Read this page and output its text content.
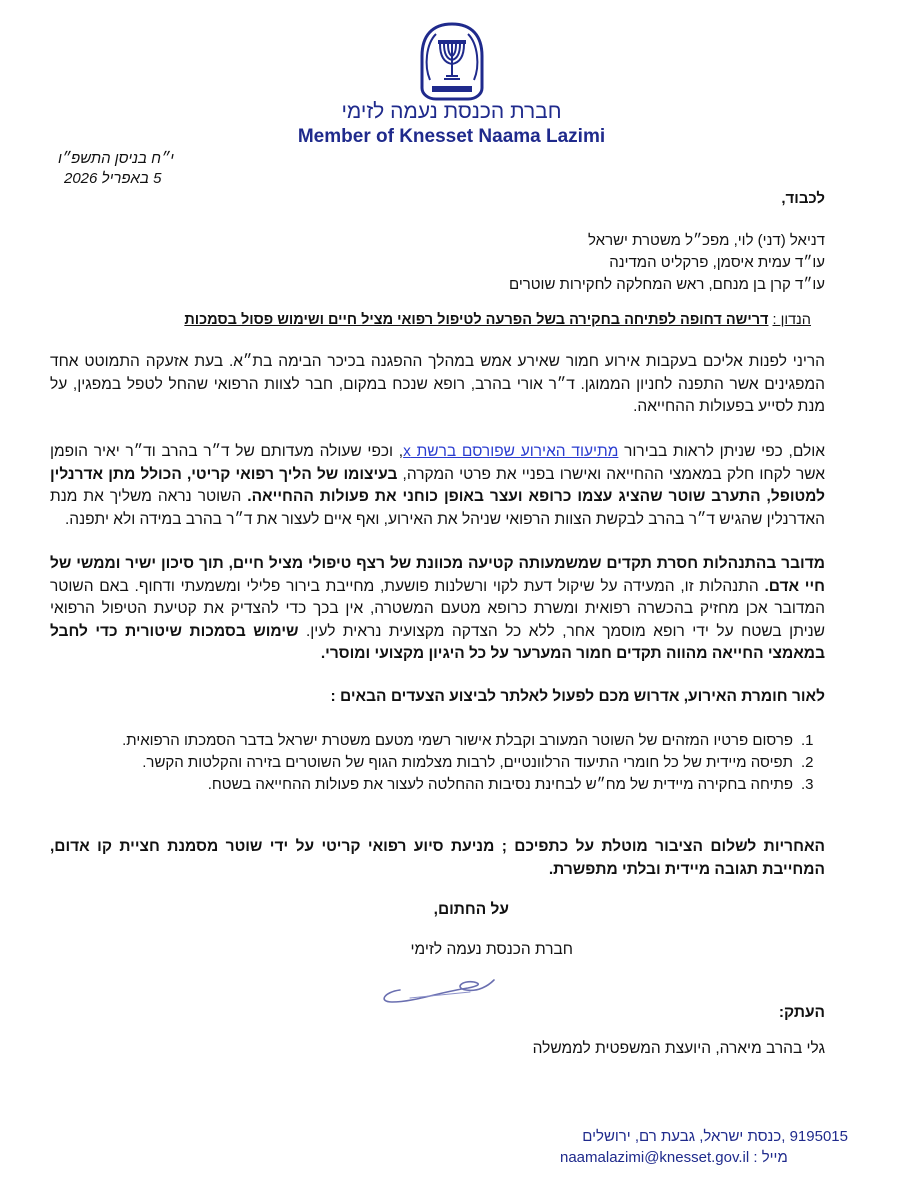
חברת הכנסת נעמה לזימי
Member of Knesset Naama Lazimi
י״ח בניסן התשפ״ו
5 באפריל 2026
לכבוד,
דניאל (דני) לוי, מפכ״ל משטרת ישראל
עו״ד עמית איסמן, פרקליט המדינה
עו״ד קרן בן מנחם, ראש המחלקה לחקירות שוטרים
הנדון : דרישה דחופה לפתיחה בחקירה בשל הפרעה לטיפול רפואי מציל חיים ושימוש פסול בסמכות
הריני לפנות אליכם בעקבות אירוע חמור שאירע אמש במהלך ההפגנה בכיכר הבימה בת״א. בעת אזעקה התמוטט אחד המפגינים אשר התפנה לחניון הממוגן. ד״ר אורי בהרב, רופא שנכח במקום, חבר לצוות הרפואי שהחל לטפל במפגין, על מנת לסייע בפעולות ההחייאה.
אולם, כפי שניתן לראות בבירור מתיעוד האירוע שפורסם ברשת x, וכפי שעולה מעדותם של ד״ר בהרב וד״ר יאיר הופמן אשר לקחו חלק במאמצי ההחייאה ואישרו בפניי את פרטי המקרה, בעיצומו של הליך רפואי קריטי, הכולל מתן אדרנלין למטופל, התערב שוטר שהציג עצמו כרופא ועצר באופן כוחני את פעולות ההחייאה. השוטר נראה משליך את מנת האדרנלין שהגיש ד״ר בהרב לבקשת הצוות הרפואי שניהל את האירוע, ואף איים לעצור את ד״ר בהרב במידה ולא יתפנה.
מדובר בהתנהלות חסרת תקדים שמשמעותה קטיעה מכוונת של רצף טיפולי מציל חיים, תוך סיכון ישיר וממשי של חיי אדם. התנהלות זו, המעידה על שיקול דעת לקוי ורשלנות פושעת, מחייבת בירור פלילי ומשמעתי ודחוף. באם השוטר המדובר אכן מחזיק בהכשרה רפואית ומשרת כרופא מטעם המשטרה, אין בכך כדי להצדיק את קטיעת הטיפול הרפואי שניתן בשטח על ידי רופא מוסמך אחר, ללא כל הצדקה מקצועית נראית לעין. שימוש בסמכות שיטורית כדי לחבל במאמצי החייאה מהווה תקדים חמור המערער על כל היגיון מקצועי ומוסרי.
לאור חומרת האירוע, אדרוש מכם לפעול לאלתר לביצוע הצעדים הבאים :
1.
פרסום פרטיו המזהים של השוטר המעורב וקבלת אישור רשמי מטעם משטרת ישראל בדבר הסמכתו הרפואית.
2.
תפיסה מיידית של כל חומרי התיעוד הרלוונטיים, לרבות מצלמות הגוף של השוטרים בזירה והקלטות הקשר.
3.
פתיחה בחקירה מיידית של מח״ש לבחינת נסיבות ההחלטה לעצור את פעולות ההחייאה בשטח.
האחריות לשלום הציבור מוטלת על כתפיכם ; מניעת סיוע רפואי קריטי על ידי שוטר מסמנת חציית קו אדום, המחייבת תגובה מיידית ובלתי מתפשרת.
על החתום,
חברת הכנסת נעמה לזימי
העתק:
גלי בהרב מיארה, היועצת המשפטית לממשלה
9195015 ,כנסת ישראל, גבעת רם, ירושלים
מייל : naamalazimi@knesset.gov.il
